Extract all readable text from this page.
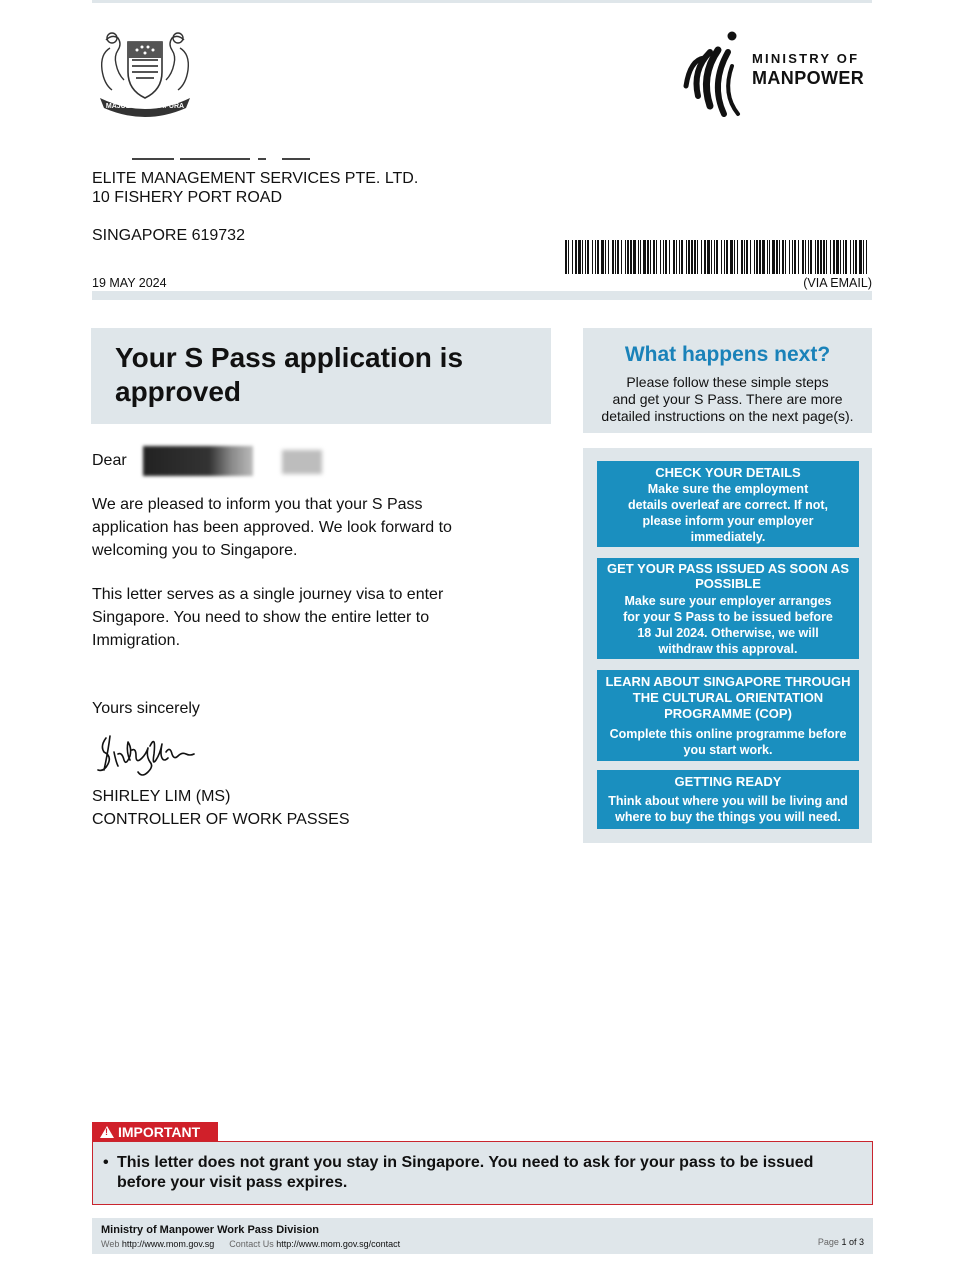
MAJULAH SINGAPURA
MINISTRY OF
MANPOWER
ELITE MANAGEMENT SERVICES PTE. LTD.
10 FISHERY PORT ROAD
SINGAPORE 619732
19 MAY 2024	(VIA EMAIL)
Your S Pass application is
approved
What happens next?

Please follow these simple steps
and get your S Pass. There are more
detailed instructions on the next page(s).

CHECK YOUR DETAILS
Make sure the employment
details overleaf are correct. If not,
please inform your employer
immediately.
GET YOUR PASS ISSUED AS SOON AS
POSSIBLE
Make sure your employer arranges
for your S Pass to be issued before
18 Jul 2024. Otherwise, we will
withdraw this approval.
LEARN ABOUT SINGAPORE THROUGH
THE CULTURAL ORIENTATION
PROGRAMME (COP)
Complete this online programme before
you start work.
GETTING READY
Think about where you will be living and
where to buy the things you will need.
Dear
We are pleased to inform you that your S Pass
application has been approved. We look forward to
welcoming you to Singapore.
This letter serves as a single journey visa to enter
Singapore. You need to show the entire letter to
Immigration.
Yours sincerely
SHIRLEY LIM (MS)
CONTROLLER OF WORK PASSES
!IMPORTANT
• This letter does not grant you stay in Singapore. You need to ask for your pass to be issued
before your visit pass expires.
Ministry of Manpower Work Pass Division
Web http://www.mom.gov.sg Contact Us http://www.mom.gov.sg/contact	Page 1 of 3
